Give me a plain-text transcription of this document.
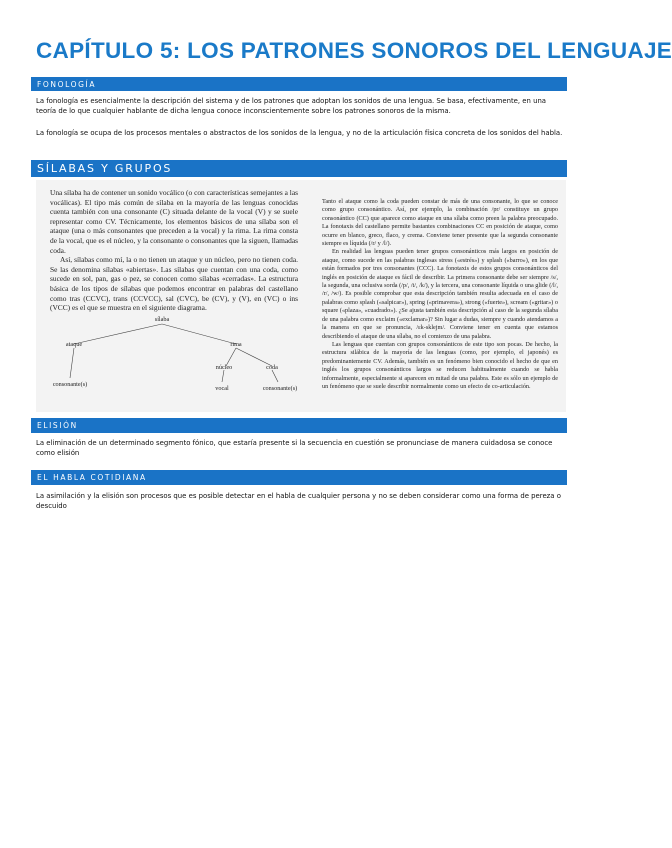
CAPÍTULO 5: LOS PATRONES SONOROS DEL LENGUAJE
FONOLOGÍA
La fonología es esencialmente la descripción del sistema y de los patrones que adoptan los sonidos de una lengua. Se basa, efectivamente, en una teoría de lo que cualquier hablante de dicha lengua conoce inconscientemente sobre los patrones sonoros de la misma.
La fonología se ocupa de los procesos mentales o abstractos de los sonidos de la lengua, y no de la articulación física concreta de los sonidos del habla.
SÍLABAS Y GRUPOS

Una sílaba ha de contener un sonido vocálico (o con características semejantes a las vocálicas). El tipo más común de sílaba en la mayoría de las lenguas conocidas cuenta también con una consonante (C) situada delante de la vocal (V) y se suele representar como CV. Técnicamente, los elementos básicos de una sílaba son el ataque (una o más consonantes que preceden a la vocal) y la rima. La rima consta de la vocal, que es el núcleo, y la consonante o consonantes que la siguen, llamadas coda.

Así, sílabas como mí, la o no tienen un ataque y un núcleo, pero no tienen coda. Se las denomina sílabas «abiertas». Las sílabas que cuentan con una coda, como sucede en sol, pan, gas o pez, se conocen como sílabas «cerradas». La estructura básica de los tipos de sílabas que podemos encontrar en palabras del castellano como tras (CCVC), trans (CCVCC), sal (CVC), be (CV), y (V), en (VC) o ins (VCC) es el que se muestra en el siguiente diagrama.

sílaba
ataque	rima
consonante(s)
núcleo	coda
vocal	consonante(s)

Tanto el ataque como la coda pueden constar de más de una consonante, lo que se conoce como grupo consonántico. Así, por ejemplo, la combinación /pr/ constituye un grupo consonántico (CC) que aparece como ataque en una sílaba como preen la palabra preocupado. La fonotaxis del castellano permite bastantes combinaciones CC en posición de ataque, como ocurre en blanco, greco, flaco, y crema. Conviene tener presente que la segunda consonante siempre es líquida (/r/ y /l/).

En realidad las lenguas pueden tener grupos consonánticos más largos en posición de ataque, como sucede en las palabras inglesas stress («estrés») y splash («barro»), en los que están formados por tres consonantes (CCC). La fonotaxis de estos grupos consonánticos del inglés en posición de ataque es fácil de describir. La primera consonante debe ser siempre /s/, la segunda, una oclusiva sorda (/p/, /t/, /k/), y la tercera, una consonante líquida o una glide (/l/, /r/, /w/). Es posible comprobar que esta descripción también resulta adecuada en el caso de palabras como splash («salpicar»), spring («primavera»), strong («fuerte»), scream («gritar») o square («plaza», «cuadrado»). ¿Se ajusta también esta descripción al caso de la segunda sílaba de una palabra como exclaim («exclamar»)? Sin lugar a dudas, siempre y cuando atendamos a la manera en que se pronuncia, /ɛk-sklejm/. Conviene tener en cuenta que estamos describiendo el ataque de una sílaba, no el comienzo de una palabra.

Las lenguas que cuentan con grupos consonánticos de este tipo son pocas. De hecho, la estructura silábica de la mayoría de las lenguas (como, por ejemplo, el japonés) es predominantemente CV. Además, también es un fenómeno bien conocido el hecho de que en inglés los grupos consonánticos largos se reducen habitualmente cuando se habla informalmente, especialmente si aparecen en mitad de una palabra. Este es sólo un ejemplo de un fenómeno que se suele describir normalmente como un efecto de co-articulación.

ELISIÓN
La eliminación de un determinado segmento fónico, que estaría presente si la secuencia en cuestión se pronunciase de manera cuidadosa se conoce como elisión
EL HABLA COTIDIANA
La asimilación y la elisión son procesos que es posible detectar en el habla de cualquier persona y no se deben considerar como una forma de pereza o descuido
